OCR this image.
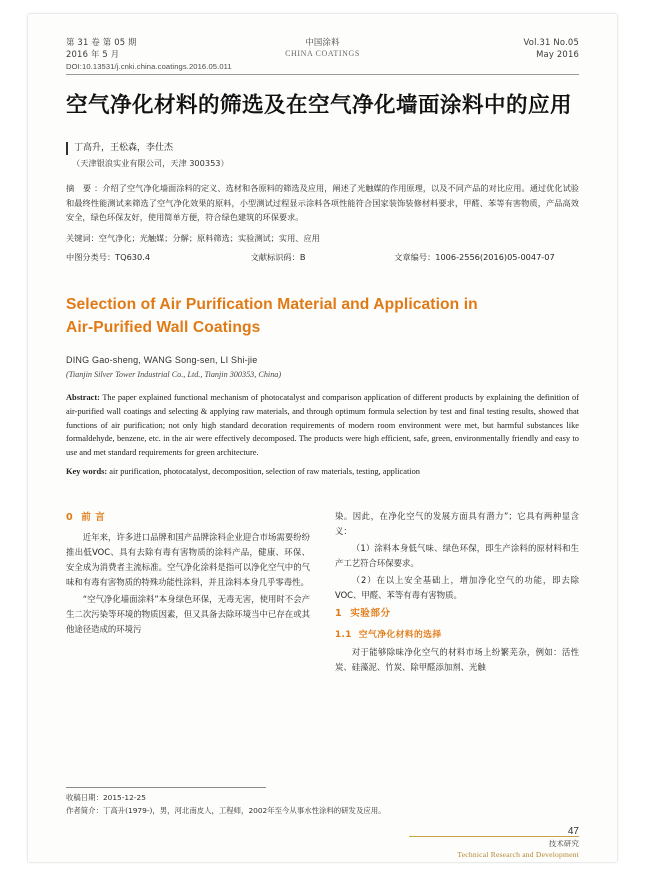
第 31 卷 第 05 期
2016 年 5 月
中国涂料
CHINA COATINGS
Vol.31 No.05
May 2016
DOI:10.13531/j.cnki.china.coatings.2016.05.011
空气净化材料的筛选及在空气净化墙面涂料中的应用
丁高升，王松森，李仕杰
（天津银浪实业有限公司，天津 300353）
摘 要：介绍了空气净化墙面涂料的定义、选材和各原料的筛选及应用，阐述了光触媒的作用原理，以及不同产品的对比应用。通过优化试验和最终性能测试来筛选了空气净化效果的原料，小型测试过程显示涂料各项性能符合国家装饰装修材料要求，甲醛、苯等有害物质，产品高效安全，绿色环保友好，使用简单方便，符合绿色建筑的环保要求。
关键词：空气净化；光触媒；分解；原料筛选；实验测试；实用、应用
中图分类号：TQ630.4	文献标识码：B	文章编号：1006-2556(2016)05-0047-07
Selection of Air Purification Material and Application in
Air-Purified Wall Coatings
DING Gao-sheng, WANG Song-sen, LI Shi-jie
(Tianjin Silver Tower Industrial Co., Ltd., Tianjin 300353, China)
Abstract: The paper explained functional mechanism of photocatalyst and comparison application of different products by explaining the definition of air-purified wall coatings and selecting & applying raw materials, and through optimum formula selection by test and final testing results, showed that functions of air purification; not only high standard decoration requirements of modern room environment were met, but harmful substances like formaldehyde, benzene, etc. in the air were effectively decomposed. The products were high efficient, safe, green, environmentally friendly and easy to use and met standard requirements for green architecture.
Key words: air purification, photocatalyst, decomposition, selection of raw materials, testing, application
0 前 言

近年来，许多进口品牌和国产品牌涂料企业迎合市场需要纷纷推出低VOC、具有去除有毒有害物质的涂料产品，健康、环保、安全成为消费者主流标准。空气净化涂料是指可以净化空气中的气味和有毒有害物质的特殊功能性涂料，并且涂料本身几乎零毒性。

“空气净化墙面涂料”本身绿色环保，无毒无害，使用时不会产生二次污染等环境的物质因素，但又具备去除环境当中已存在或其他途径造成的环境污

染。因此，在净化空气的发展方面具有潜力”；它具有两种显含义：

（1）涂料本身低气味、绿色环保，即生产涂料的原材料和生产工艺符合环保要求。

（2）在以上安全基础上，增加净化空气的功能，即去除VOC、甲醛、苯等有毒有害物质。

1 实验部分
1.1 空气净化材料的选择

对于能够除味净化空气的材料市场上纷繁芜杂，例如：活性炭、硅藻泥、竹炭、除甲醛添加剂、光触

收稿日期：2015-12-25
作者简介：丁高升(1979-)，男，河北南皮人，工程师，2002年至今从事水性涂料的研发及应用。
47
技术研究
Technical Research and Development
